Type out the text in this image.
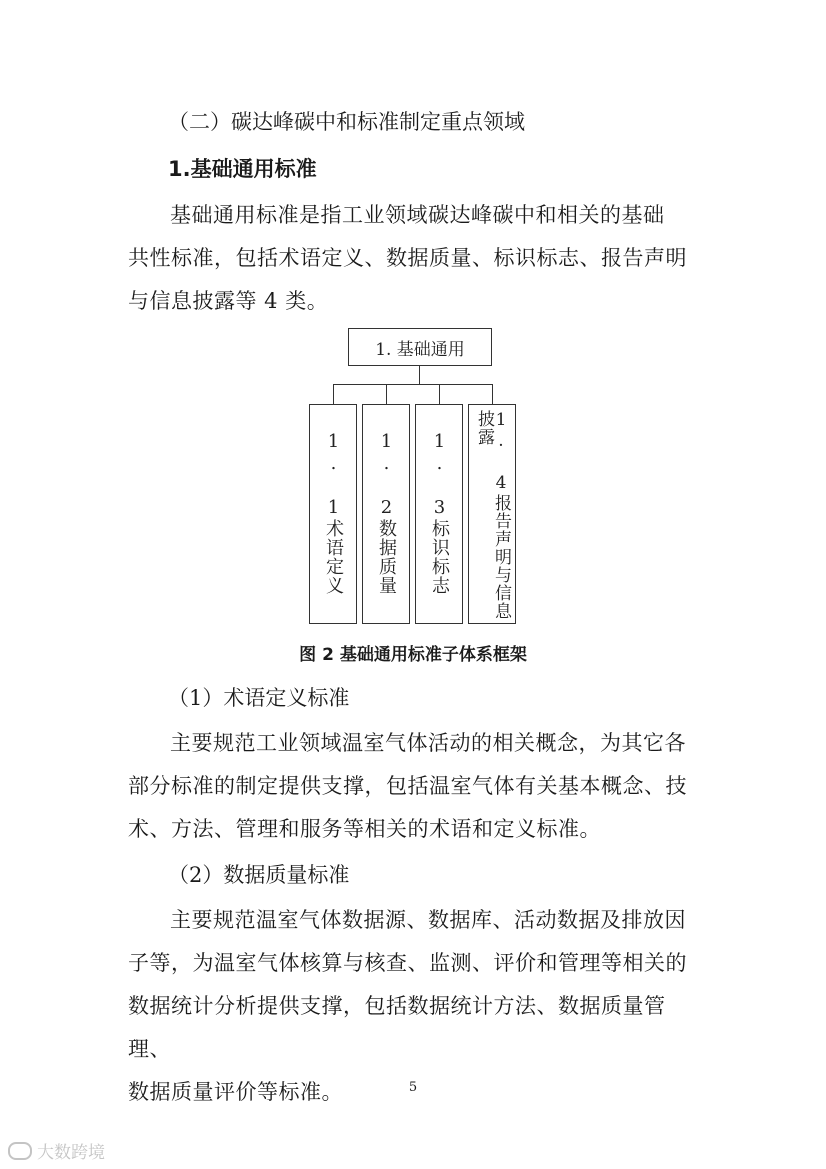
（二）碳达峰碳中和标准制定重点领域
1.基础通用标准

基础通用标准是指工业领域碳达峰碳中和相关的基础

共性标准，包括术语定义、数据质量、标识标志、报告声明

与信息披露等 4 类。

1. 基础通用
1. 1术语定义 1. 2数据质量 1. 3标识标志	1. 4报告声明与信息披露
图 2 基础通用标准子体系框架
（1）术语定义标准

主要规范工业领域温室气体活动的相关概念，为其它各

部分标准的制定提供支撑，包括温室气体有关基本概念、技

术、方法、管理和服务等相关的术语和定义标准。

（2）数据质量标准

主要规范温室气体数据源、数据库、活动数据及排放因

子等，为温室气体核算与核查、监测、评价和管理等相关的

数据统计分析提供支撑，包括数据统计方法、数据质量管理、

数据质量评价等标准。	5
大数跨境
